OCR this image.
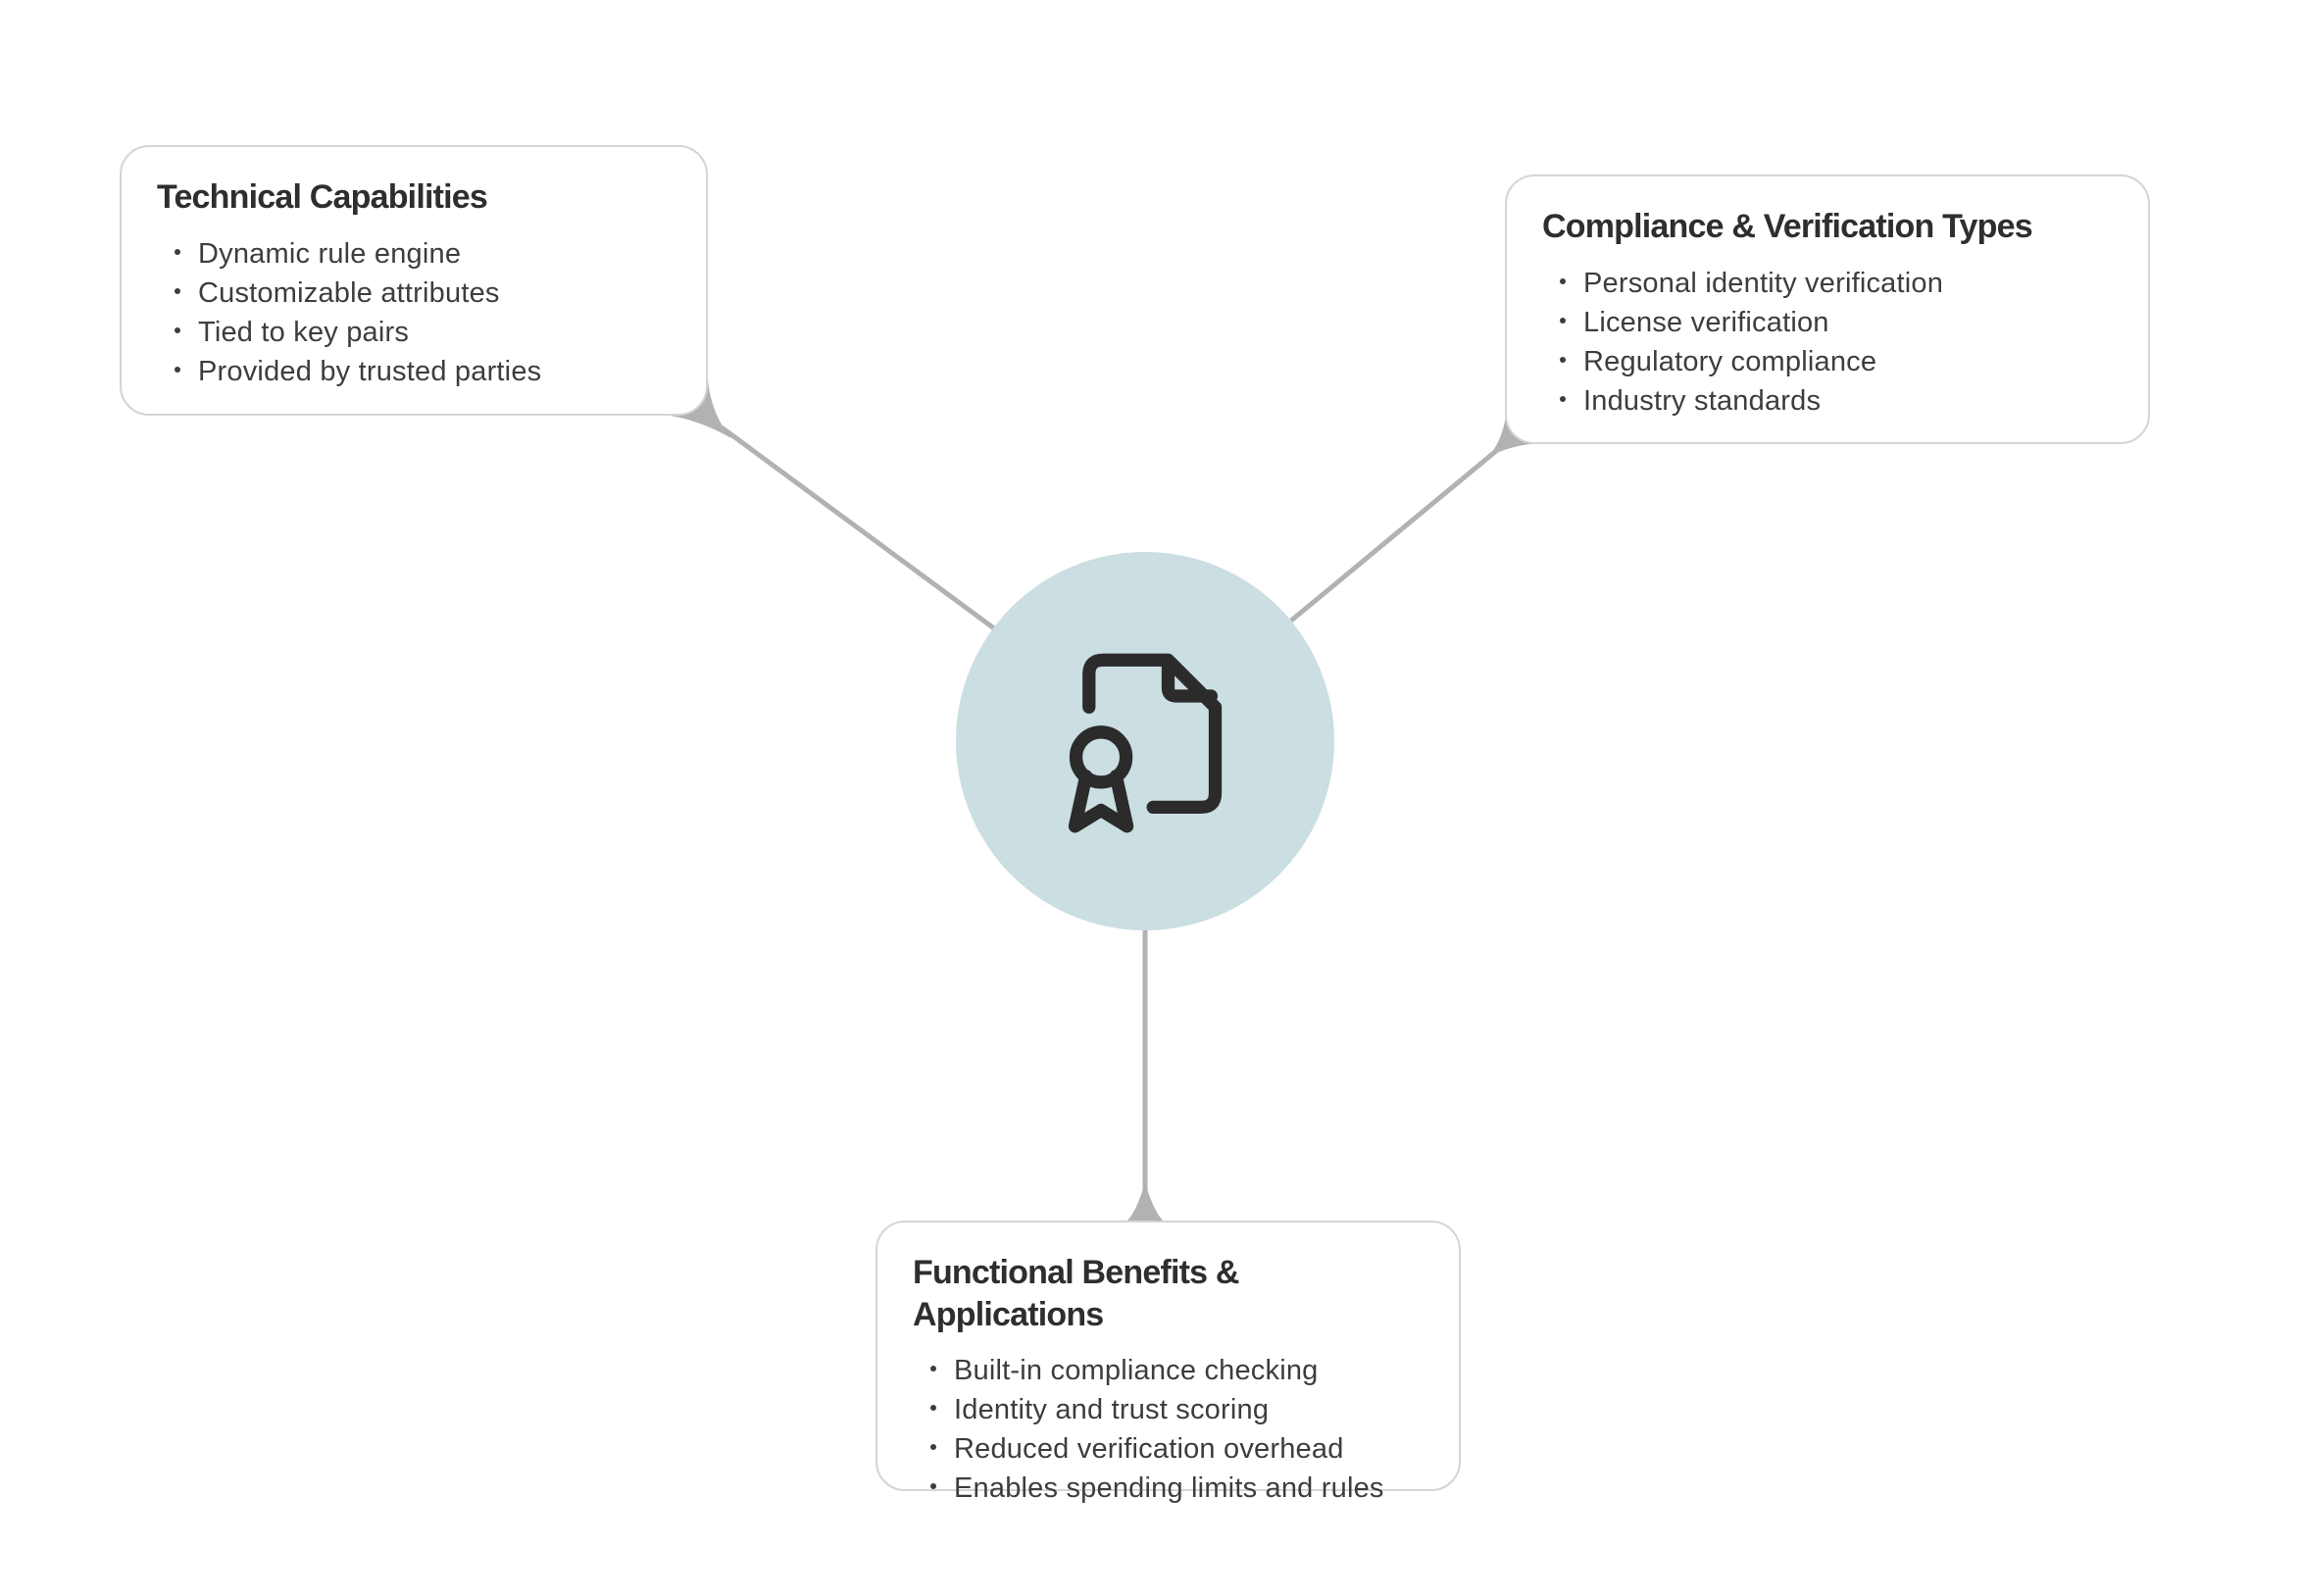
Technical Capabilities
Dynamic rule engine
Customizable attributes
Tied to key pairs
Provided by trusted parties
Compliance & Verification Types
Personal identity verification
License verification
Regulatory compliance
Industry standards
Functional Benefits & Applications
Built-in compliance checking
Identity and trust scoring
Reduced verification overhead
Enables spending limits and rules
